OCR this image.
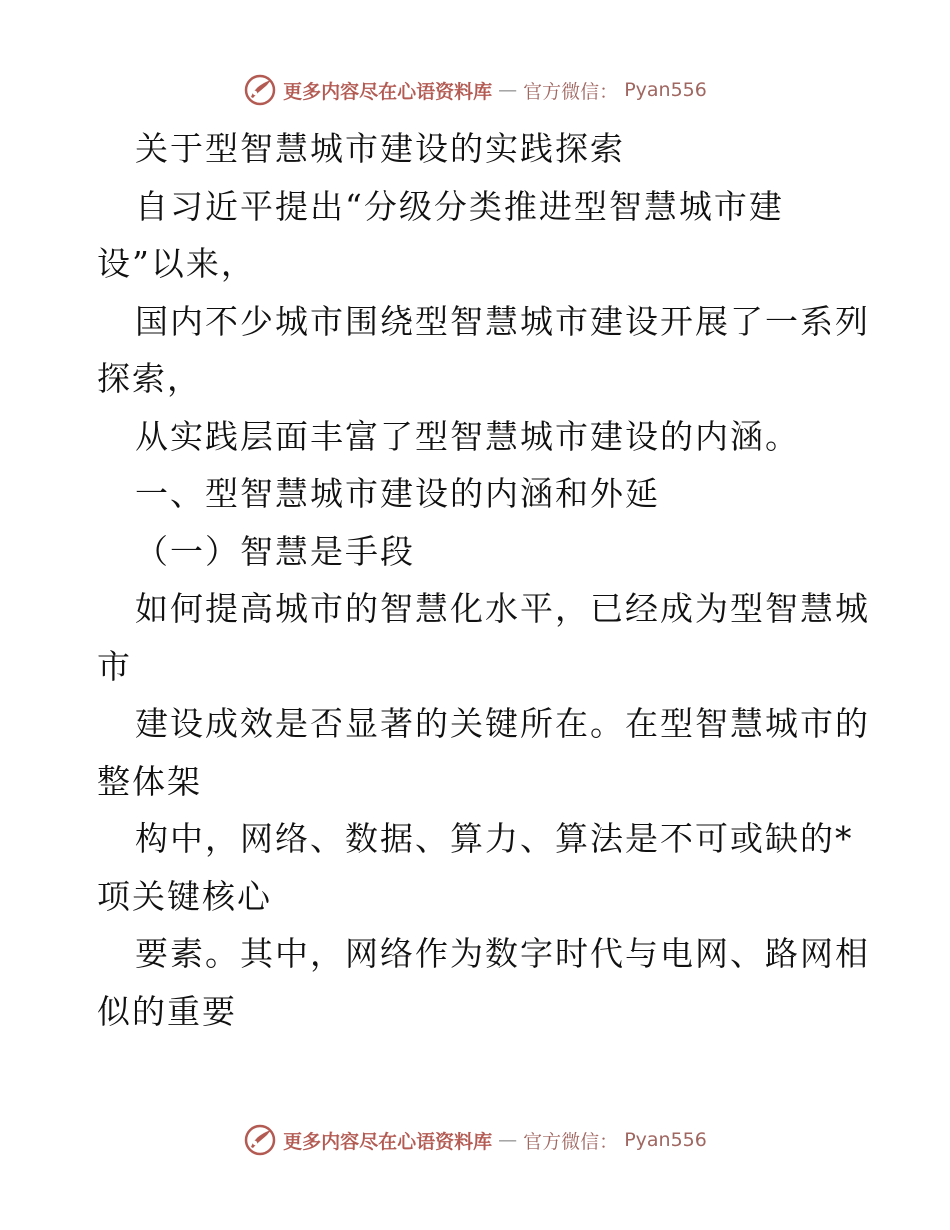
更多内容尽在心语资料库 — 官方微信： Pyan556
关于型智慧城市建设的实践探索
自习近平提出“分级分类推进型智慧城市建
设”以来，
国内不少城市围绕型智慧城市建设开展了一系列
探索，
从实践层面丰富了型智慧城市建设的内涵。
一、型智慧城市建设的内涵和外延
（一）智慧是手段
如何提高城市的智慧化水平，已经成为型智慧城
市
建设成效是否显著的关键所在。在型智慧城市的
整体架
构中，网络、数据、算力、算法是不可或缺的*
项关键核心
要素。其中，网络作为数字时代与电网、路网相
似的重要
更多内容尽在心语资料库 — 官方微信： Pyan556
